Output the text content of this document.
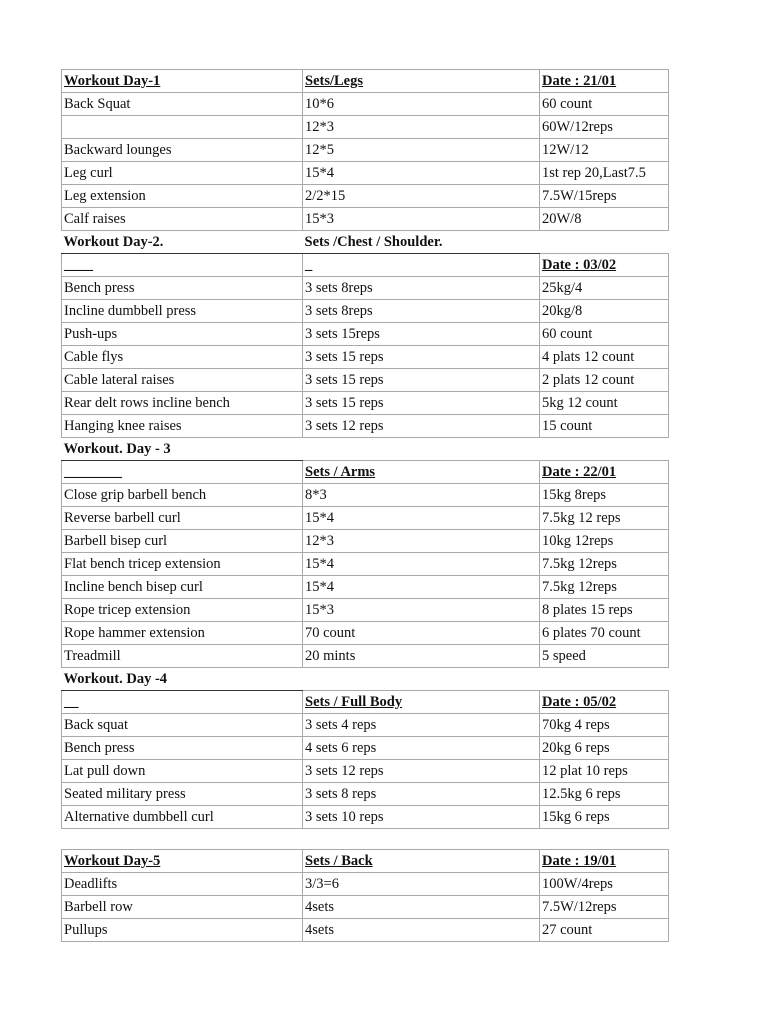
Workout Day-1	Sets/Legs	Date : 21/01
Back Squat	10*6	60 count
	12*3	60W/12reps
Backward lounges	12*5	12W/12
Leg curl	15*4	1st rep 20,Last7.5
Leg extension	2/2*15	7.5W/15reps
Calf raises	15*3	20W/8
Workout Day-2.	Sets /Chest / Shoulder.	
____	_	Date : 03/02
Bench press	3 sets 8reps	25kg/4
Incline dumbbell press	3 sets 8reps	20kg/8
Push-ups	3 sets 15reps	60 count
Cable flys	3 sets 15 reps	4 plats 12 count
Cable lateral raises	3 sets 15 reps	2 plats 12 count
Rear delt rows incline bench	3 sets 15 reps	5kg 12 count
Hanging knee raises	3 sets 12 reps	15 count
Workout. Day - 3		
________	Sets / Arms	Date : 22/01
Close grip barbell bench	8*3	15kg 8reps
Reverse barbell curl	15*4	7.5kg 12 reps
Barbell bisep curl	12*3	10kg 12reps
Flat bench tricep extension	15*4	7.5kg 12reps
Incline bench bisep curl	15*4	7.5kg 12reps
Rope tricep extension	15*3	8 plates 15 reps
Rope hammer extension	70 count	6 plates 70 count
Treadmill	20 mints	5 speed
Workout. Day -4		
__	Sets / Full Body	Date : 05/02
Back squat	3 sets 4 reps	70kg 4 reps
Bench press	4 sets 6 reps	20kg 6 reps
Lat pull down	3 sets 12 reps	12 plat 10 reps
Seated military press	3 sets 8 reps	12.5kg 6 reps
Alternative dumbbell curl	3 sets 10 reps	15kg 6 reps

Workout Day-5	Sets / Back	Date : 19/01
Deadlifts	3/3=6	100W/4reps
Barbell row	4sets	7.5W/12reps
Pullups	4sets	27 count
